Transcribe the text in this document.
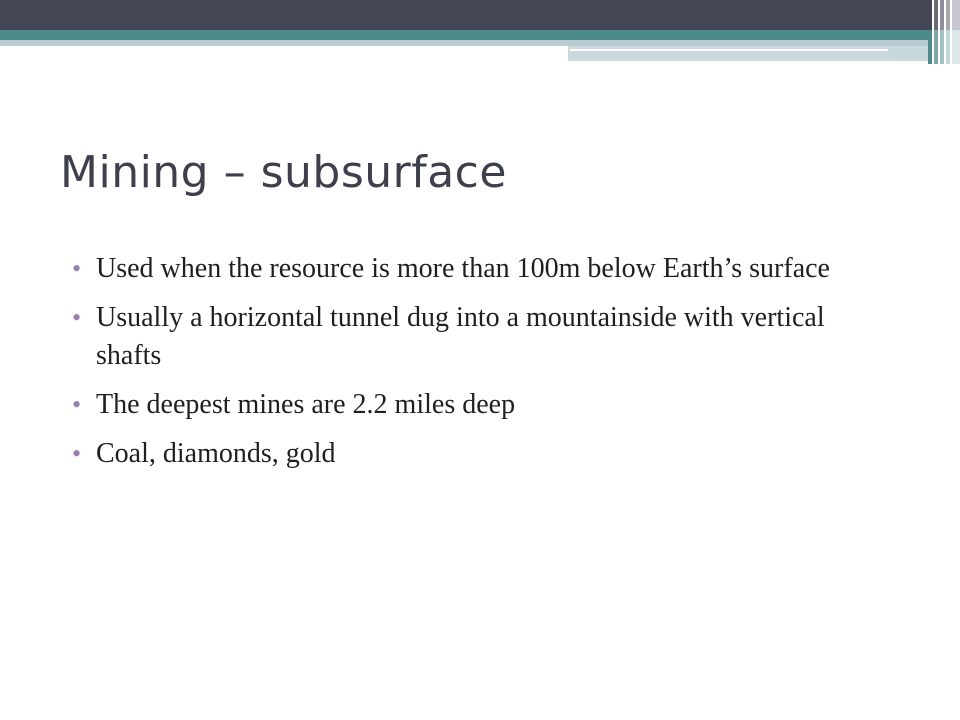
Mining – subsurface
• Used when the resource is more than 100m below Earth’s surface
• Usually a horizontal tunnel dug into a mountainside with vertical shafts
• The deepest mines are 2.2 miles deep
• Coal, diamonds, gold
